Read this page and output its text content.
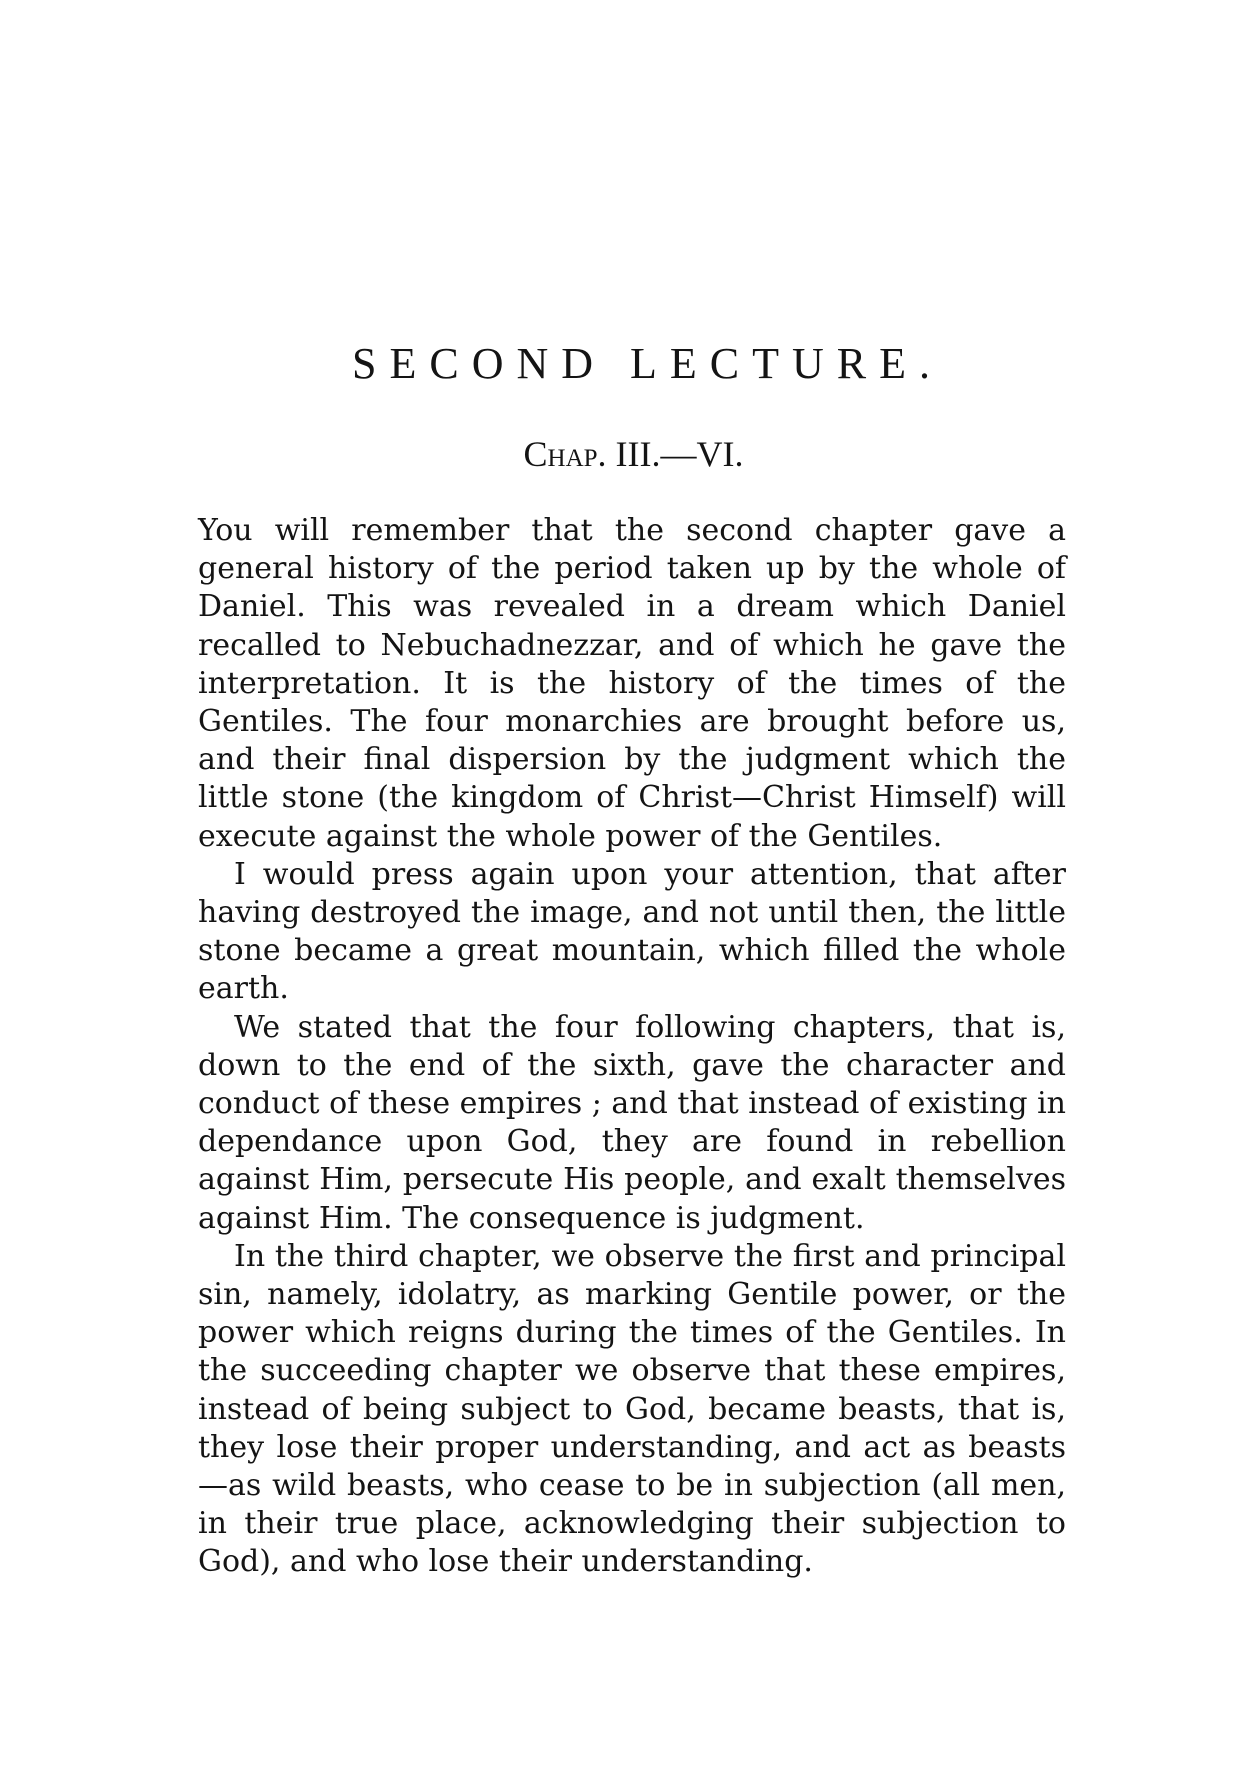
SECOND LECTURE.
Chap. III.—VI.

You will remember that the second chapter gave a general history of the period taken up by the whole of Daniel. This was revealed in a dream which Daniel recalled to Nebuchadnezzar, and of which he gave the interpretation. It is the history of the times of the Gentiles. The four monarchies are brought before us, and their final dispersion by the judgment which the little stone (the kingdom of Christ—Christ Himself) will execute against the whole power of the Gentiles.

I would press again upon your attention, that after having destroyed the image, and not until then, the little stone became a great mountain, which filled the whole earth.

We stated that the four following chapters, that is, down to the end of the sixth, gave the character and conduct of these empires ; and that instead of existing in dependance upon God, they are found in rebellion against Him, persecute His people, and exalt themselves against Him. The consequence is judgment.

In the third chapter, we observe the first and principal sin, namely, idolatry, as marking Gentile power, or the power which reigns during the times of the Gentiles. In the succeeding chapter we observe that these empires, instead of being subject to God, became beasts, that is, they lose their proper understanding, and act as beasts—as wild beasts, who cease to be in subjection (all men, in their true place, acknowledging their subjection to God), and who lose their understanding.
